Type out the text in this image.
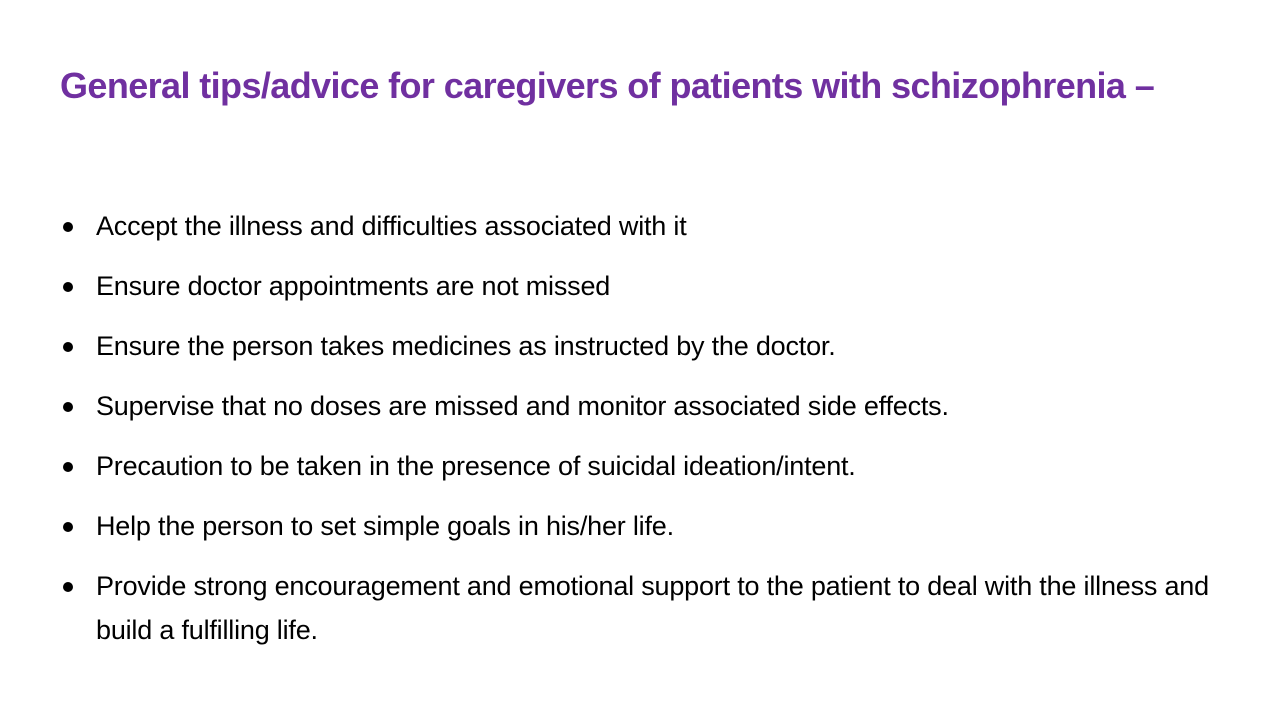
General tips/advice for caregivers of patients with schizophrenia –
Accept the illness and difficulties associated with it
Ensure doctor appointments are not missed
Ensure the person takes medicines as instructed by the doctor.
Supervise that no doses are missed and monitor associated side effects.
Precaution to be taken in the presence of suicidal ideation/intent.
Help the person to set simple goals in his/her life.
Provide strong encouragement and emotional support to the patient to deal with the illness and build a fulfilling life.
